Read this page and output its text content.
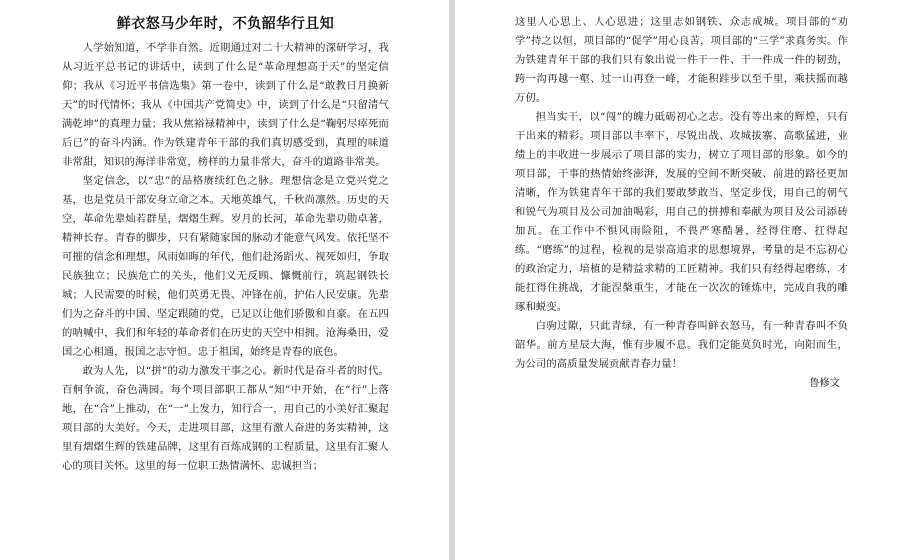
鲜衣怒马少年时，不负韶华行且知

人学始知道，不学非自然。近期通过对二十大精神的深研学习，我从习近平总书记的讲话中，读到了什么是“革命理想高于天”的坚定信仰；我从《习近平书信选集》第一卷中，读到了什么是“敢教日月换新天”的时代情怀；我从《中国共产党简史》中，读到了什么是“只留清气满乾坤”的真理力量；我从焦裕禄精神中，读到了什么是“鞠躬尽瘁死而后已”的奋斗内涵。作为铁建青年干部的我们真切感受到，真理的味道非常甜，知识的海洋非常宽，榜样的力量非常大，奋斗的道路非常美。

坚定信念，以“忠”的品格赓续红色之脉。理想信念是立党兴党之基，也是党员干部安身立命之本。天地英雄气，千秋尚凛然。历史的天空，革命先辈灿若群星，熠熠生辉。岁月的长河，革命先辈功勋卓著，精神长存。青春的脚步，只有紧随家国的脉动才能意气风发。依托坚不可摧的信念和理想，风雨如晦的年代，他们赴汤蹈火、视死如归，争取民族独立；民族危亡的关头，他们义无反顾、慷慨前行，筑起钢铁长城；人民需要的时候，他们英勇无畏、冲锋在前，护佑人民安康。先辈们为之奋斗的中国、坚定跟随的党，已足以让他们骄傲和自豪。在五四的呐喊中，我们和年轻的革命者们在历史的天空中相拥。沧海桑田，爱国之心相通，报国之志守恒。忠于祖国，始终是青春的底色。

敢为人先，以“拼”的动力激发干事之心。新时代是奋斗者的时代。百舸争流，奋色满园。每个项目部职工都从“知”中开始，在“行”上落地，在“合”上推动，在“一”上发力，知行合一，用自己的小美好汇聚起项目部的大美好。今天，走进项目部，这里有激人奋进的务实精神，这里有熠熠生辉的铁建品牌，这里有百炼成钢的工程质量，这里有汇聚人心的项目关怀。这里的每一位职工热情满怀、忠诚担当；

这里人心思上、人心思进；这里志如钢铁、众志成城。项目部的“劝学”持之以恒，项目部的“促学”用心良苦，项目部的“三学”求真务实。作为铁建青年干部的我们只有象出说一件干一件、干一件成一件的韧劲，跨一沟再越一壑、过一山再登一峰，才能积跬步以至千里，乘扶摇而越万仞。

担当实干，以“闯”的魄力砥砺初心之志。没有等出来的辉煌，只有干出来的精彩。项目部以丰率下，尽锐出战、攻城拔寨、高歌猛进，业绩上的丰收进一步展示了项目部的实力，树立了项目部的形象。如今的项目部，干事的热情始终澎湃，发展的空间不断突破、前进的路径更加清晰，作为铁建青年干部的我们要敢梦敢当、坚定步伐，用自己的朝气和锐气为项目及公司加油喝彩，用自己的拼搏和奉献为项目及公司添砖加瓦。在工作中不惧风雨险阻，不畏严寒酷暑，经得住磨、扛得起练。“磨练”的过程，检视的是崇高追求的思想境界，考量的是不忘初心的政治定力，培植的是精益求精的工匠精神。我们只有经得起磨练，才能扛得住挑战，才能涅槃重生，才能在一次次的锤炼中，完成自我的雕琢和蜕变。

白驹过隙，只此青绿，有一种青春叫鲜衣怒马，有一种青春叫不负韶华。前方星辰大海，惟有步履不息。我们定能莫负时光，向阳而生，为公司的高质量发展贡献青春力量！

鲁修文
